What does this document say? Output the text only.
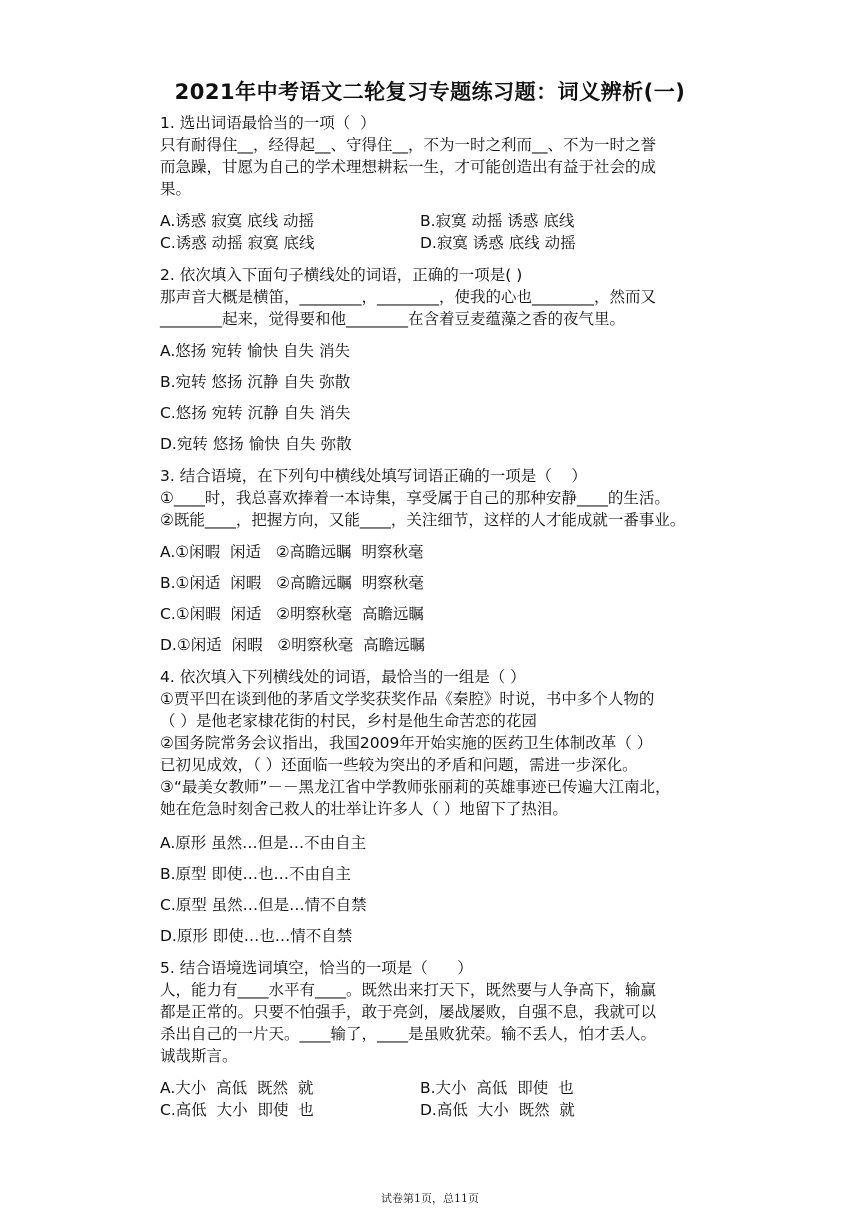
2021年中考语文二轮复习专题练习题：词义辨析(一)
1. 选出词语最恰当的一项（  ）
只有耐得住__，经得起__、守得住__，不为一时之利而__、不为一时之誉
而急躁，甘愿为自己的学术理想耕耘一生，才可能创造出有益于社会的成
果。
A.诱惑 寂寞 底线 动摇	B.寂寞 动摇 诱惑 底线
C.诱惑 动摇 寂寞 底线	D.寂寞 诱惑 底线 动摇
2. 依次填入下面句子横线处的词语，正确的一项是( )
那声音大概是横笛，________，________，使我的心也________，然而又
________起来，觉得要和他________在含着豆麦蕴藻之香的夜气里。
A.悠扬 宛转 愉快 自失 消失
B.宛转 悠扬 沉静 自失 弥散
C.悠扬 宛转 沉静 自失 消失
D.宛转 悠扬 愉快 自失 弥散
3. 结合语境，在下列句中横线处填写词语正确的一项是（    ）
①____时，我总喜欢捧着一本诗集，享受属于自己的那种安静____的生活。
②既能____，把握方向，又能____，关注细节，这样的人才能成就一番事业。
A.①闲暇  闲适   ②高瞻远瞩  明察秋毫
B.①闲适  闲暇   ②高瞻远瞩  明察秋毫
C.①闲暇  闲适   ②明察秋毫  高瞻远瞩
D.①闲适  闲暇   ②明察秋毫  高瞻远瞩
4. 依次填入下列横线处的词语，最恰当的一组是（ ）
①贾平凹在谈到他的茅盾文学奖获奖作品《秦腔》时说，书中多个人物的
（ ）是他老家棣花街的村民，乡村是他生命苦恋的花园
②国务院常务会议指出，我国2009年开始实施的医药卫生体制改革（ ）
已初见成效，（ ）还面临一些较为突出的矛盾和问题，需进一步深化。
③“最美女教师”－－黑龙江省中学教师张丽莉的英雄事迹已传遍大江南北，
她在危急时刻舍己救人的壮举让许多人（ ）地留下了热泪。
A.原形 虽然…但是…不由自主
B.原型 即使…也…不由自主
C.原型 虽然…但是…情不自禁
D.原形 即使…也…情不自禁
5. 结合语境选词填空，恰当的一项是（      ）
人，能力有____水平有____。既然出来打天下，既然要与人争高下，输赢
都是正常的。只要不怕强手，敢于亮剑，屡战屡败，自强不息，我就可以
杀出自己的一片天。____输了，____是虽败犹荣。输不丢人，怕才丢人。
诚哉斯言。
A.大小  高低  既然  就	B.大小  高低  即使  也
C.高低  大小  即使  也	D.高低  大小  既然  就
试卷第1页，总11页
